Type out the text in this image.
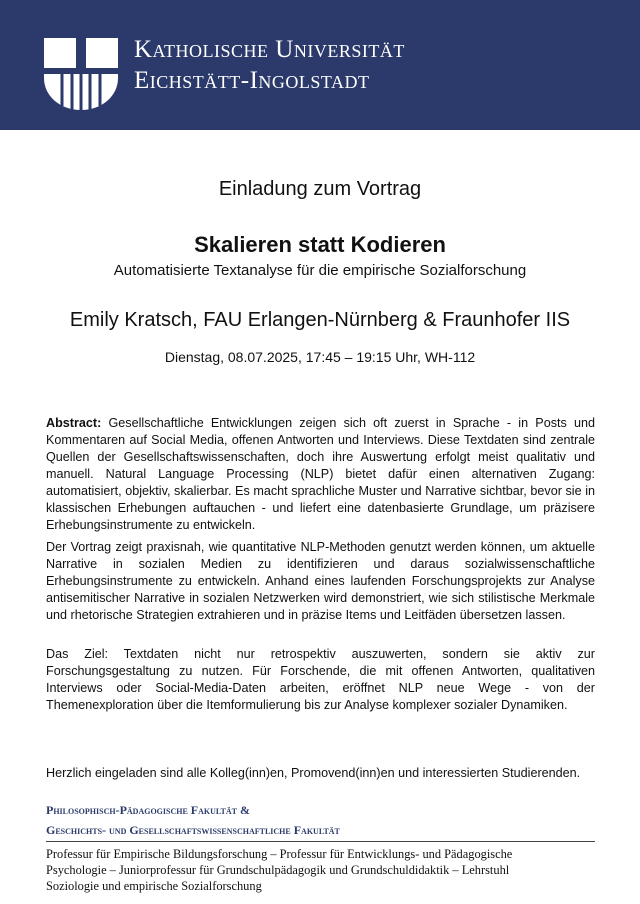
Katholische Universität
Eichstätt-Ingolstadt
Einladung zum Vortrag
Skalieren statt Kodieren
Automatisierte Textanalyse für die empirische Sozialforschung
Emily Kratsch, FAU Erlangen-Nürnberg & Fraunhofer IIS
Dienstag, 08.07.2025, 17:45 – 19:15 Uhr, WH-112
Abstract: Gesellschaftliche Entwicklungen zeigen sich oft zuerst in Sprache - in Posts und Kommentaren auf Social Media, offenen Antworten und Interviews. Diese Textdaten sind zentrale Quellen der Gesellschaftswissenschaften, doch ihre Auswertung erfolgt meist qualitativ und manuell. Natural Language Processing (NLP) bietet dafür einen alternativen Zugang: automatisiert, objektiv, skalierbar. Es macht sprachliche Muster und Narrative sichtbar, bevor sie in klassischen Erhebungen auftauchen - und liefert eine datenbasierte Grundlage, um präzisere Erhebungsinstrumente zu entwickeln.
Der Vortrag zeigt praxisnah, wie quantitative NLP-Methoden genutzt werden können, um aktuelle Narrative in sozialen Medien zu identifizieren und daraus sozialwissenschaftliche Erhebungsinstrumente zu entwickeln. Anhand eines laufenden Forschungsprojekts zur Analyse antisemitischer Narrative in sozialen Netzwerken wird demonstriert, wie sich stilistische Merkmale und rhetorische Strategien extrahieren und in präzise Items und Leitfäden übersetzen lassen.
Das Ziel: Textdaten nicht nur retrospektiv auszuwerten, sondern sie aktiv zur Forschungsgestaltung zu nutzen. Für Forschende, die mit offenen Antworten, qualitativen Interviews oder Social-Media-Daten arbeiten, eröffnet NLP neue Wege - von der Themenexploration über die Itemformulierung bis zur Analyse komplexer sozialer Dynamiken.
Herzlich eingeladen sind alle Kolleg(inn)en, Promovend(inn)en und interessierten Studierenden.
Philosophisch-Pädagogische Fakultät &
Geschichts- und Gesellschaftswissenschaftliche Fakultät
Professur für Empirische Bildungsforschung – Professur für Entwicklungs- und Pädagogische
Psychologie – Juniorprofessur für Grundschulpädagogik und Grundschuldidaktik – Lehrstuhl
Soziologie und empirische Sozialforschung
